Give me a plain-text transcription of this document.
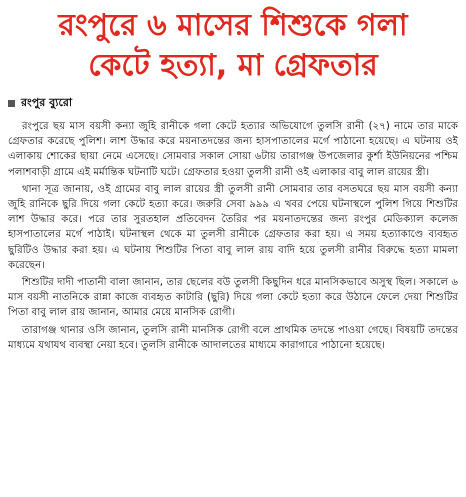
রংপুরে ৬ মাসের শিশুকে গলা
কেটে হত্যা, মা গ্রেফতার
রংপুর ব্যুরো

রংপুরে ছয় মাস বয়সী কন্যা জুহি রানীকে গলা কেটে হত্যার অভিযোগে তুলসি রানী (২৭) নামে তার মাকে গ্রেফতার করেছে পুলিশ। লাশ উদ্ধার করে ময়নাতদন্তের জন্য হাসপাতালের মর্গে পাঠানো হয়েছে। এ ঘটনায় ওই এলাকায় শোকের ছায়া নেমে এসেছে। সোমবার সকাল সোয়া ৬টায় তারাগঞ্জ উপজেলার কুর্শা ইউনিয়নের পশ্চিম পলাশবাড়ী গ্রামে এই মর্মান্তিক ঘটনাটি ঘটে। গ্রেফতার হওয়া তুলসী রানী ওই এলাকার বাবু লাল রায়ের স্ত্রী।

থানা সূত্র জানায়, ওই গ্রামের বাবু লাল রায়ের স্ত্রী তুলসী রানী সোমবার তার বসতঘরে ছয় মাস বয়সী কন্যা জুহি রানিকে ছুরি দিয়ে গলা কেটে হত্যা করে। জরুরি সেবা ৯৯৯ এ খবর পেয়ে ঘটনাস্থলে পুলিশ গিয়ে শিশুটির লাশ উদ্ধার করে। পরে তার সুরতহাল প্রতিবেদন তৈরির পর ময়নাতদন্তের জন্য রংপুর মেডিক্যাল কলেজ হাসপাতালের মর্গে পাঠাই। ঘটনাস্থল থেকে মা তুলসী রানীকে গ্রেফতার করা হয়। এ সময় হত্যাকাণ্ডে ব্যবহৃত ছুরিটিও উদ্ধার করা হয়। এ ঘটনায় শিশুটির পিতা বাবু লাল রায় বাদি হয়ে তুলসী রানীর বিরুদ্ধে হত্যা মামলা করেছেন।

শিশুটির দাদী পাতানী বালা জানান, তার ছেলের বউ তুলসী কিছুদিন ধরে মানসিকভাবে অসুস্থ ছিল। সকালে ৬ মাস বয়সী নাতনিকে রান্না কাজে ব্যবহৃত কাটারি (ছুরি) দিয়ে গলা কেটে হত্যা করে উঠানে ফেলে দেয়া শিশুটির পিতা বাবু লাল রায় জানান, আমার মেয়ে মানসিক রোগী।

তারাগঞ্জ থানার ওসি জানান, তুলসি রানী মানসিক রোগী বলে প্রাথমিক তদন্তে পাওয়া গেছে। বিষয়টি তদন্তের মাধ্যমে যথাযথ ব্যবস্থা নেয়া হবে। তুলসি রানীকে আদালতের মাধ্যমে কারাগারে পাঠানো হয়েছে।
